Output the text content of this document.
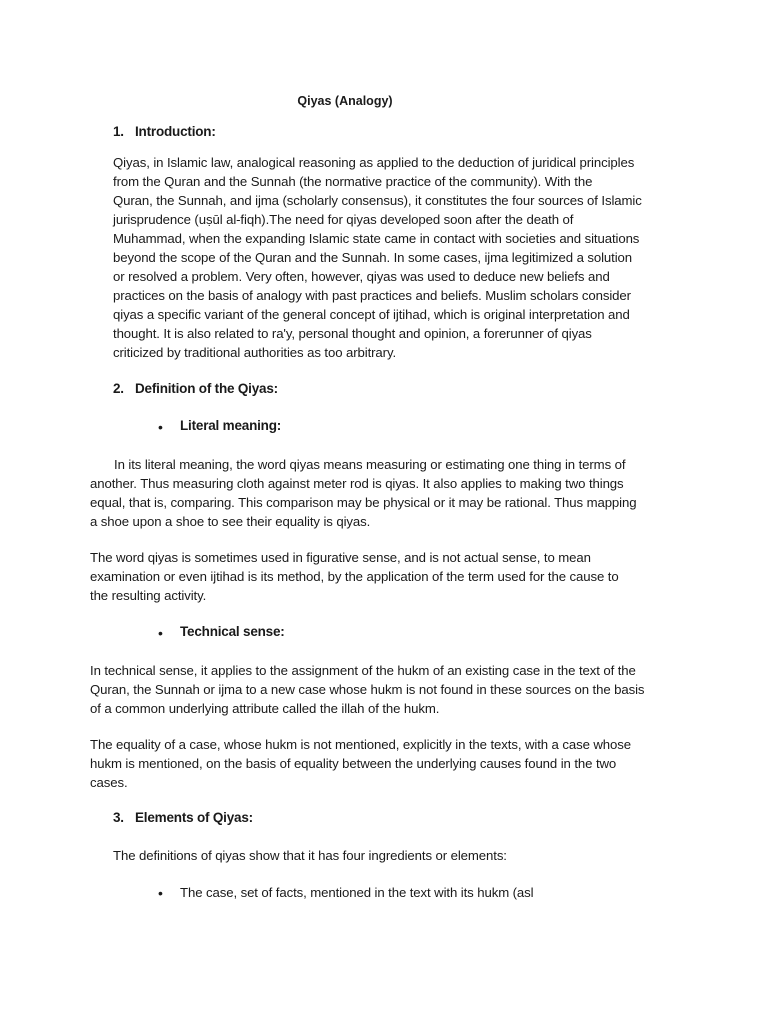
Qiyas (Analogy)
1. Introduction:
Qiyas, in Islamic law, analogical reasoning as applied to the deduction of juridical principles
from the Quran and the Sunnah (the normative practice of the community). With the
Quran, the Sunnah, and ijma (scholarly consensus), it constitutes the four sources of Islamic
jurisprudence (uṣūl al-fiqh).The need for qiyas developed soon after the death of
Muhammad, when the expanding Islamic state came in contact with societies and situations
beyond the scope of the Quran and the Sunnah. In some cases, ijma legitimized a solution
or resolved a problem. Very often, however, qiyas was used to deduce new beliefs and
practices on the basis of analogy with past practices and beliefs. Muslim scholars consider
qiyas a specific variant of the general concept of ijtihad, which is original interpretation and
thought. It is also related to ra'y, personal thought and opinion, a forerunner of qiyas
criticized by traditional authorities as too arbitrary.
2. Definition of the Qiyas:
•	Literal meaning:
In its literal meaning, the word qiyas means measuring or estimating one thing in terms of
another. Thus measuring cloth against meter rod is qiyas. It also applies to making two things
equal, that is, comparing. This comparison may be physical or it may be rational. Thus mapping
a shoe upon a shoe to see their equality is qiyas.
The word qiyas is sometimes used in figurative sense, and is not actual sense, to mean
examination or even ijtihad is its method, by the application of the term used for the cause to
the resulting activity.
•	Technical sense:
In technical sense, it applies to the assignment of the hukm of an existing case in the text of the
Quran, the Sunnah or ijma to a new case whose hukm is not found in these sources on the basis
of a common underlying attribute called the illah of the hukm.
The equality of a case, whose hukm is not mentioned, explicitly in the texts, with a case whose
hukm is mentioned, on the basis of equality between the underlying causes found in the two
cases.
3. Elements of Qiyas:
The definitions of qiyas show that it has four ingredients or elements:
•	The case, set of facts, mentioned in the text with its hukm (asl
